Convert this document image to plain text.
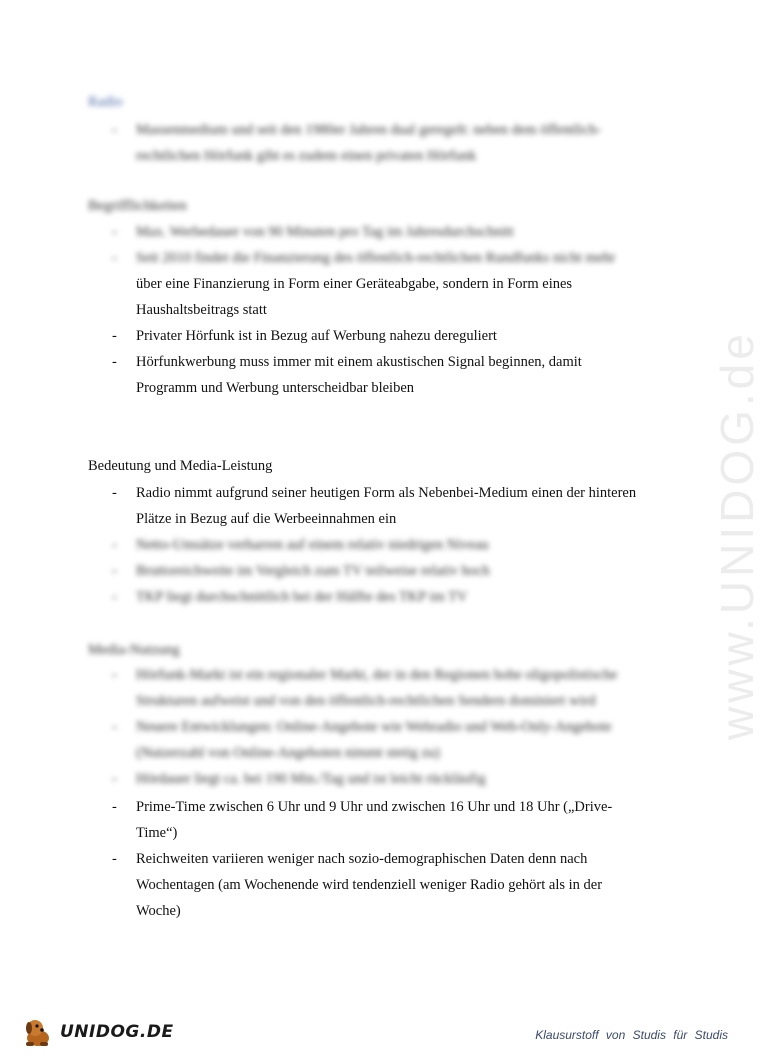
Radio
- Massenmedium und seit den 1980er Jahren dual geregelt: neben dem öffentlich-rechtlichen Hörfunk gibt es zudem einen privaten Hörfunk
Begrifflichkeiten
- Max. Werbedauer von 90 Minuten pro Tag im Jahresdurchschnitt
- Seit 2010 findet die Finanzierung des öffentlich-rechtlichen Rundfunks nicht mehr
über eine Finanzierung in Form einer Geräteabgabe, sondern in Form eines
Haushaltsbeitrags statt
- Privater Hörfunk ist in Bezug auf Werbung nahezu dereguliert
- Hörfunkwerbung muss immer mit einem akustischen Signal beginnen, damit
Programm und Werbung unterscheidbar bleiben
Bedeutung und Media-Leistung
- Radio nimmt aufgrund seiner heutigen Form als Nebenbei-Medium einen der hinteren
Plätze in Bezug auf die Werbeeinnahmen ein
- Netto-Umsätze verharren auf einem relativ niedrigen Niveau
- Bruttoreichweite im Vergleich zum TV teilweise relativ hoch
- TKP liegt durchschnittlich bei der Hälfte des TKP im TV
Media-Nutzung
- Hörfunk-Markt ist ein regionaler Markt, der in den Regionen hohe oligopolistische
Strukturen aufweist und von den öffentlich-rechtlichen Sendern dominiert wird
- Neuere Entwicklungen: Online-Angebote wie Webradio und Web-Only-Angebote
(Nutzerzahl von Online-Angeboten nimmt stetig zu)
- Hördauer liegt ca. bei 190 Min./Tag und ist leicht rückläufig
- Prime-Time zwischen 6 Uhr und 9 Uhr und zwischen 16 Uhr und 18 Uhr („Drive-
Time“)
- Reichweiten variieren weniger nach sozio-demographischen Daten denn nach
Wochentagen (am Wochenende wird tendenziell weniger Radio gehört als in der
Woche)
www.UNIDOG.de
UNIDOG.DE	Klausurstoff von Studis für Studis
